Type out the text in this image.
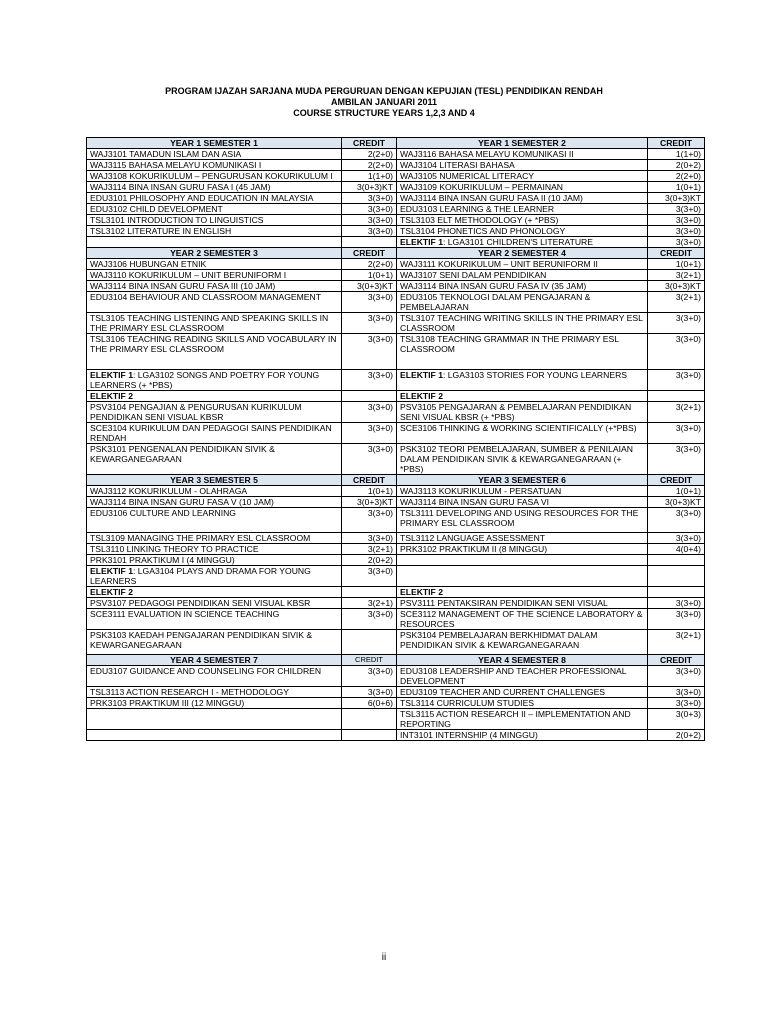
PROGRAM IJAZAH SARJANA MUDA PERGURUAN DENGAN KEPUJIAN (TESL) PENDIDIKAN RENDAH
AMBILAN JANUARI 2011
COURSE STRUCTURE YEARS 1,2,3 AND 4
YEAR 1 SEMESTER 1	CREDIT	YEAR 1 SEMESTER 2	CREDIT
WAJ3101 TAMADUN ISLAM DAN ASIA	2(2+0)	WAJ3116 BAHASA MELAYU KOMUNIKASI II	1(1+0)
WAJ3115 BAHASA MELAYU KOMUNIKASI I	2(2+0)	WAJ3104 LITERASI BAHASA	2(0+2)
WAJ3108 KOKURIKULUM – PENGURUSAN KOKURIKULUM I	1(1+0)	WAJ3105 NUMERICAL LITERACY	2(2+0)
WAJ3114 BINA INSAN GURU FASA I (45 JAM)	3(0+3)KT	WAJ3109 KOKURIKULUM – PERMAINAN	1(0+1)
EDU3101 PHILOSOPHY AND EDUCATION IN MALAYSIA	3(3+0)	WAJ3114 BINA INSAN GURU FASA II (10 JAM)	3(0+3)KT
EDU3102 CHILD DEVELOPMENT	3(3+0)	EDU3103 LEARNING & THE LEARNER	3(3+0)
TSL3101 INTRODUCTION TO LINGUISTICS	3(3+0)	TSL3103 ELT METHODOLOGY (+ *PBS)	3(3+0)
TSL3102 LITERATURE IN ENGLISH	3(3+0)	TSL3104 PHONETICS AND PHONOLOGY	3(3+0)
		ELEKTIF 1: LGA3101 CHILDREN'S LITERATURE	3(3+0)
YEAR 2 SEMESTER 3	CREDIT	YEAR 2 SEMESTER 4	CREDIT
WAJ3106 HUBUNGAN ETNIK	2(2+0)	WAJ3111 KOKURIKULUM – UNIT BERUNIFORM II	1(0+1)
WAJ3110 KOKURIKULUM – UNIT BERUNIFORM I	1(0+1)	WAJ3107 SENI DALAM PENDIDIKAN	3(2+1)
WAJ3114 BINA INSAN GURU FASA III (10 JAM)	3(0+3)KT	WAJ3114 BINA INSAN GURU FASA IV (35 JAM)	3(0+3)KT
EDU3104 BEHAVIOUR AND CLASSROOM MANAGEMENT	3(3+0)	EDU3105 TEKNOLOGI DALAM PENGAJARAN & PEMBELAJARAN	3(2+1)
TSL3105 TEACHING LISTENING AND SPEAKING SKILLS IN THE PRIMARY ESL CLASSROOM	3(3+0)	TSL3107 TEACHING WRITING SKILLS IN THE PRIMARY ESL CLASSROOM	3(3+0)
TSL3106 TEACHING READING SKILLS AND VOCABULARY IN THE PRIMARY ESL CLASSROOM	3(3+0)	TSL3108 TEACHING GRAMMAR IN THE PRIMARY ESL CLASSROOM	3(3+0)
ELEKTIF 1: LGA3102 SONGS AND POETRY FOR YOUNG LEARNERS (+ *PBS)	3(3+0)	ELEKTIF 1: LGA3103 STORIES FOR YOUNG LEARNERS	3(3+0)
ELEKTIF 2		ELEKTIF 2	
PSV3104 PENGAJIAN & PENGURUSAN KURIKULUM PENDIDIKAN SENI VISUAL KBSR	3(3+0)	PSV3105 PENGAJARAN & PEMBELAJARAN PENDIDIKAN SENI VISUAL KBSR (+ *PBS)	3(2+1)
SCE3104 KURIKULUM DAN PEDAGOGI SAINS PENDIDIKAN RENDAH	3(3+0)	SCE3106 THINKING & WORKING SCIENTIFICALLY (+*PBS)	3(3+0)
PSK3101 PENGENALAN PENDIDIKAN SIVIK & KEWARGANEGARAAN	3(3+0)	PSK3102 TEORI PEMBELAJARAN, SUMBER & PENILAIAN DALAM PENDIDIKAN SIVIK & KEWARGANEGARAAN (+ *PBS)	3(3+0)
YEAR 3 SEMESTER 5	CREDIT	YEAR 3 SEMESTER 6	CREDIT
WAJ3112 KOKURIKULUM - OLAHRAGA	1(0+1)	WAJ3113 KOKURIKULUM - PERSATUAN	1(0+1)
WAJ3114 BINA INSAN GURU FASA V (10 JAM)	3(0+3)KT	WAJ3114 BINA INSAN GURU FASA VI	3(0+3)KT
EDU3106 CULTURE AND LEARNING	3(3+0)	TSL3111 DEVELOPING AND USING RESOURCES FOR THE PRIMARY ESL CLASSROOM	3(3+0)
TSL3109 MANAGING THE PRIMARY ESL CLASSROOM	3(3+0)	TSL3112 LANGUAGE ASSESSMENT	3(3+0)
TSL3110 LINKING THEORY TO PRACTICE	3(2+1)	PRK3102 PRAKTIKUM II (8 MINGGU)	4(0+4)
PRK3101 PRAKTIKUM I (4 MINGGU)	2(0+2)		
ELEKTIF 1: LGA3104 PLAYS AND DRAMA FOR YOUNG LEARNERS	3(3+0)		
ELEKTIF 2		ELEKTIF 2	
PSV3107 PEDAGOGI PENDIDIKAN SENI VISUAL KBSR	3(2+1)	PSV3111 PENTAKSIRAN PENDIDIKAN SENI VISUAL	3(3+0)
SCE3111 EVALUATION IN SCIENCE TEACHING	3(3+0)	SCE3112 MANAGEMENT OF THE SCIENCE LABORATORY & RESOURCES	3(3+0)
PSK3103 KAEDAH PENGAJARAN PENDIDIKAN SIVIK & KEWARGANEGARAAN		PSK3104 PEMBELAJARAN BERKHIDMAT DALAM PENDIDIKAN SIVIK & KEWARGANEGARAAN	3(2+1)
YEAR 4 SEMESTER 7	CREDIT	YEAR 4 SEMESTER 8	CREDIT
EDU3107 GUIDANCE AND COUNSELING FOR CHILDREN	3(3+0)	EDU3108 LEADERSHIP AND TEACHER PROFESSIONAL DEVELOPMENT	3(3+0)
TSL3113 ACTION RESEARCH I - METHODOLOGY	3(3+0)	EDU3109 TEACHER AND CURRENT CHALLENGES	3(3+0)
PRK3103 PRAKTIKUM III (12 MINGGU)	6(0+6)	TSL3114 CURRICULUM STUDIES	3(3+0)
		TSL3115 ACTION RESEARCH II – IMPLEMENTATION AND REPORTING	3(0+3)
		INT3101 INTERNSHIP (4 MINGGU)	2(0+2)
ii
